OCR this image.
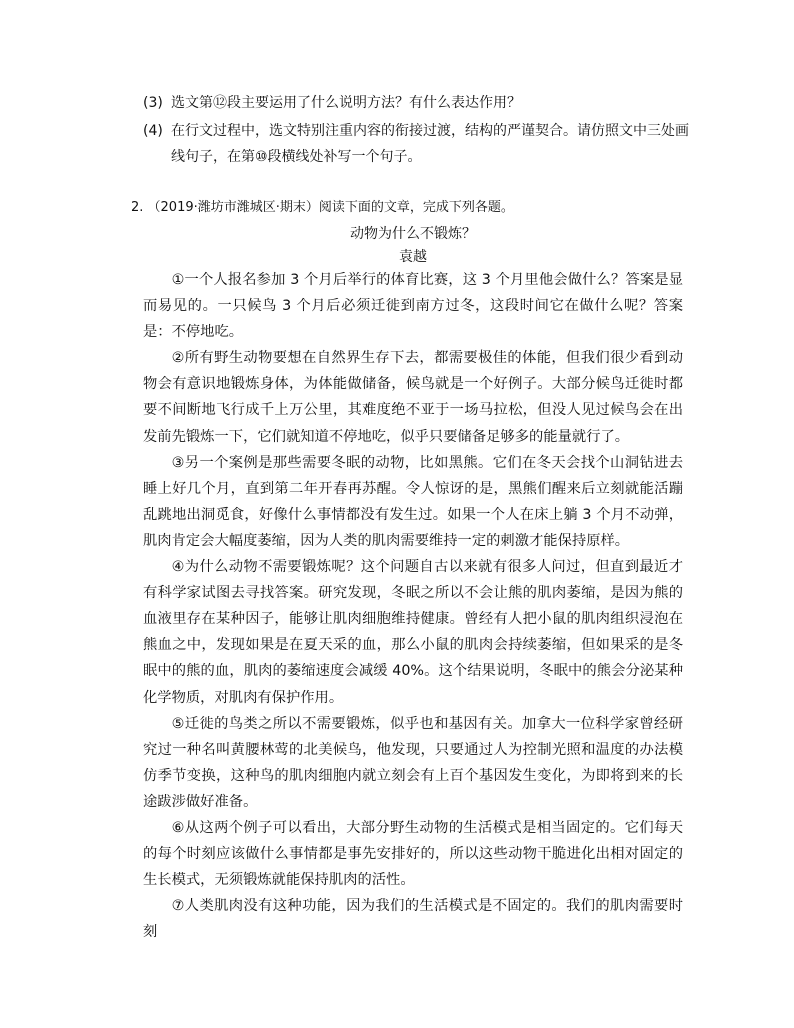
(3) 选文第⑫段主要运用了什么说明方法？有什么表达作用？
(4) 在行文过程中，选文特别注重内容的衔接过渡，结构的严谨契合。请仿照文中三处画
线句子，在第⑩段横线处补写一个句子。
2. （2019·潍坊市潍城区·期末）阅读下面的文章，完成下列各题。
动物为什么不锻炼？
袁越

①一个人报名参加 3 个月后举行的体育比赛，这 3 个月里他会做什么？答案是显而易见的。一只候鸟 3 个月后必须迁徙到南方过冬，这段时间它在做什么呢？答案是：不停地吃。

②所有野生动物要想在自然界生存下去，都需要极佳的体能，但我们很少看到动物会有意识地锻炼身体，为体能做储备，候鸟就是一个好例子。大部分候鸟迁徙时都要不间断地飞行成千上万公里，其难度绝不亚于一场马拉松，但没人见过候鸟会在出发前先锻炼一下，它们就知道不停地吃，似乎只要储备足够多的能量就行了。

③另一个案例是那些需要冬眠的动物，比如黑熊。它们在冬天会找个山洞钻进去睡上好几个月，直到第二年开春再苏醒。令人惊讶的是，黑熊们醒来后立刻就能活蹦乱跳地出洞觅食，好像什么事情都没有发生过。如果一个人在床上躺 3 个月不动弹，肌肉肯定会大幅度萎缩，因为人类的肌肉需要维持一定的刺激才能保持原样。

④为什么动物不需要锻炼呢？这个问题自古以来就有很多人问过，但直到最近才有科学家试图去寻找答案。研究发现，冬眠之所以不会让熊的肌肉萎缩，是因为熊的血液里存在某种因子，能够让肌肉细胞维持健康。曾经有人把小鼠的肌肉组织浸泡在熊血之中，发现如果是在夏天采的血，那么小鼠的肌肉会持续萎缩，但如果采的是冬眠中的熊的血，肌肉的萎缩速度会减缓 40%。这个结果说明，冬眠中的熊会分泌某种化学物质，对肌肉有保护作用。

⑤迁徙的鸟类之所以不需要锻炼，似乎也和基因有关。加拿大一位科学家曾经研究过一种名叫黄腰林莺的北美候鸟，他发现，只要通过人为控制光照和温度的办法模仿季节变换，这种鸟的肌肉细胞内就立刻会有上百个基因发生变化，为即将到来的长途跋涉做好准备。

⑥从这两个例子可以看出，大部分野生动物的生活模式是相当固定的。它们每天的每个时刻应该做什么事情都是事先安排好的，所以这些动物干脆进化出相对固定的生长模式，无须锻炼就能保持肌肉的活性。

⑦人类肌肉没有这种功能，因为我们的生活模式是不固定的。我们的肌肉需要时刻
